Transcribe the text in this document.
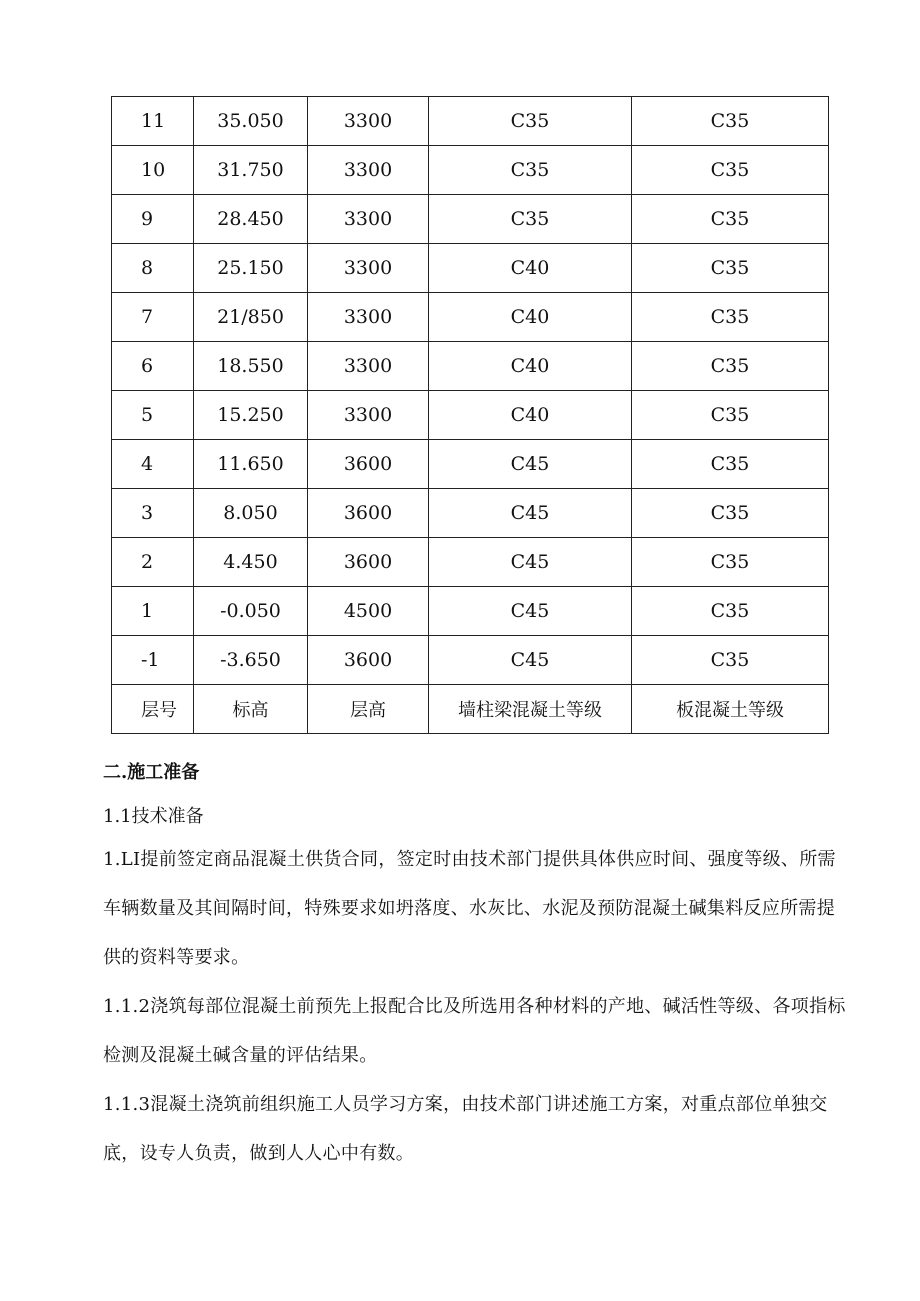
11	35.050	3300	C35	C35
10	31.750	3300	C35	C35
9	28.450	3300	C35	C35
8	25.150	3300	C40	C35
7	21/850	3300	C40	C35
6	18.550	3300	C40	C35
5	15.250	3300	C40	C35
4	11.650	3600	C45	C35
3	8.050	3600	C45	C35
2	4.450	3600	C45	C35
1	-0.050	4500	C45	C35
-1	-3.650	3600	C45	C35
层号	标高	层高	墙柱梁混凝土等级	板混凝土等级
二.施工准备
1.1技术准备

1.LI提前签定商品混凝土供货合同，签定时由技术部门提供具体供应时间、强度等级、所需车辆数量及其间隔时间，特殊要求如坍落度、水灰比、水泥及预防混凝土碱集料反应所需提供的资料等要求。

1.1.2浇筑每部位混凝土前预先上报配合比及所选用各种材料的产地、碱活性等级、各项指标检测及混凝土碱含量的评估结果。

1.1.3混凝土浇筑前组织施工人员学习方案，由技术部门讲述施工方案，对重点部位单独交底，设专人负责，做到人人心中有数。
